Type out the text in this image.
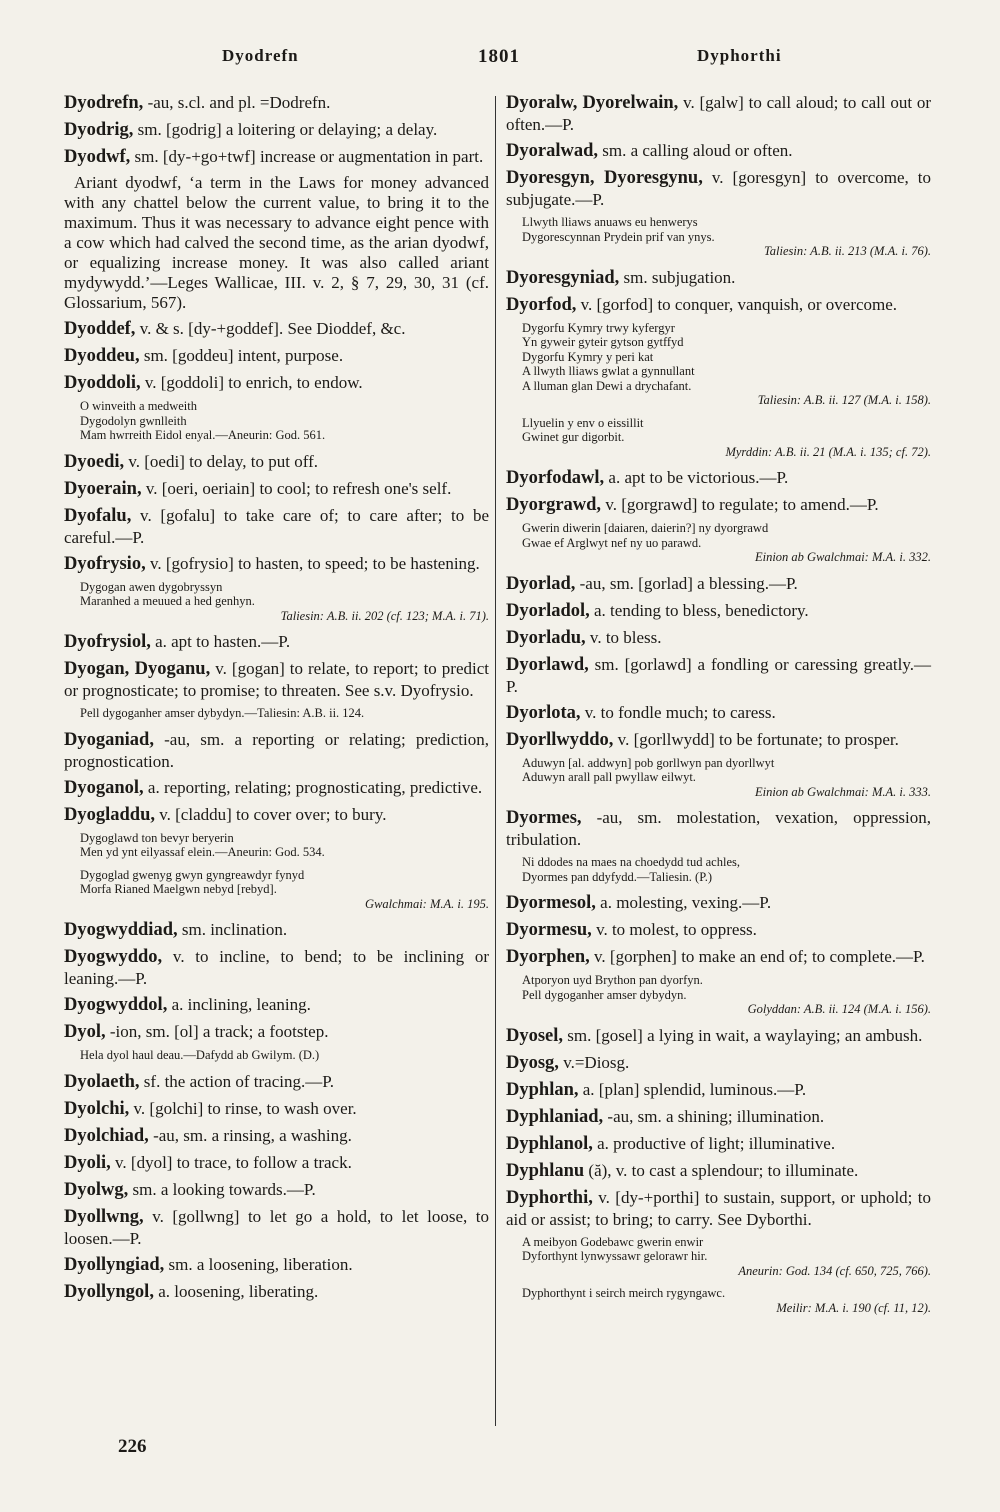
Dyodrefn	1801	Dyphorthi
Dyodrefn, -au, s.cl. and pl. =Dodrefn.
Dyodrig, sm. [godrig] a loitering or delaying; a delay.
Dyodwf, sm. [dy-+go+twf] increase or augmentation in part.
Ariant dyodwf, ‘a term in the Laws for money advanced with any chattel below the current value, to bring it to the maximum. Thus it was necessary to advance eight pence with a cow which had calved the second time, as the arian dyodwf, or equalizing increase money. It was also called ariant mydywydd.’—Leges Wallicae, III. v. 2, § 7, 29, 30, 31 (cf. Glossarium, 567).
Dyoddef, v. & s. [dy-+goddef]. See Dioddef, &c.
Dyoddeu, sm. [goddeu] intent, purpose.
Dyoddoli, v. [goddoli] to enrich, to endow.
O winveith a medweith
Dygodolyn gwnlleith
Mam hwrreith Eidol enyal.—Aneurin: God. 561.
Dyoedi, v. [oedi] to delay, to put off.
Dyoerain, v. [oeri, oeriain] to cool; to refresh one's self.
Dyofalu, v. [gofalu] to take care of; to care after; to be careful.—P.
Dyofrysio, v. [gofrysio] to hasten, to speed; to be hastening.
Dygogan awen dygobryssyn
Maranhed a meuued a hed genhyn.
Taliesin: A.B. ii. 202 (cf. 123; M.A. i. 71).
Dyofrysiol, a. apt to hasten.—P.
Dyogan, Dyoganu, v. [gogan] to relate, to report; to predict or prognosticate; to promise; to threaten. See s.v. Dyofrysio.
Pell dygoganher amser dybydyn.—Taliesin: A.B. ii. 124.
Dyoganiad, -au, sm. a reporting or relating; prediction, prognostication.
Dyoganol, a. reporting, relating; prognosticating, predictive.
Dyogladdu, v. [claddu] to cover over; to bury.
Dygoglawd ton bevyr beryerin
Men yd ynt eilyassaf elein.—Aneurin: God. 534.
Dygoglad gwenyg gwyn gyngreawdyr fynyd
Morfa Rianed Maelgwn nebyd [rebyd].
Gwalchmai: M.A. i. 195.
Dyogwyddiad, sm. inclination.
Dyogwyddo, v. to incline, to bend; to be inclining or leaning.—P.
Dyogwyddol, a. inclining, leaning.
Dyol, -ion, sm. [ol] a track; a footstep.
Hela dyol haul deau.—Dafydd ab Gwilym. (D.)
Dyolaeth, sf. the action of tracing.—P.
Dyolchi, v. [golchi] to rinse, to wash over.
Dyolchiad, -au, sm. a rinsing, a washing.
Dyoli, v. [dyol] to trace, to follow a track.
Dyolwg, sm. a looking towards.—P.
Dyollwng, v. [gollwng] to let go a hold, to let loose, to loosen.—P.
Dyollyngiad, sm. a loosening, liberation.
Dyollyngol, a. loosening, liberating.
Dyoralw, Dyorelwain, v. [galw] to call aloud; to call out or often.—P.
Dyoralwad, sm. a calling aloud or often.
Dyoresgyn, Dyoresgynu, v. [goresgyn] to overcome, to subjugate.—P.
Llwyth lliaws anuaws eu henwerys
Dygorescynnan Prydein prif van ynys.
Taliesin: A.B. ii. 213 (M.A. i. 76).
Dyoresgyniad, sm. subjugation.
Dyorfod, v. [gorfod] to conquer, vanquish, or overcome.
Dygorfu Kymry trwy kyfergyr
Yn gyweir gyteir gytson gytffyd
Dygorfu Kymry y peri kat
A llwyth lliaws gwlat a gynnullant
A lluman glan Dewi a drychafant.
Taliesin: A.B. ii. 127 (M.A. i. 158).
Llyuelin y env o eissillit
Gwinet gur digorbit.
Myrddin: A.B. ii. 21 (M.A. i. 135; cf. 72).
Dyorfodawl, a. apt to be victorious.—P.
Dyorgrawd, v. [gorgrawd] to regulate; to amend.—P.
Gwerin diwerin [daiaren, daierin?] ny dyorgrawd
Gwae ef Arglwyt nef ny uo parawd.
Einion ab Gwalchmai: M.A. i. 332.
Dyorlad, -au, sm. [gorlad] a blessing.—P.
Dyorladol, a. tending to bless, benedictory.
Dyorladu, v. to bless.
Dyorlawd, sm. [gorlawd] a fondling or caressing greatly.—P.
Dyorlota, v. to fondle much; to caress.
Dyorllwyddo, v. [gorllwydd] to be fortunate; to prosper.
Aduwyn [al. addwyn] pob gorllwyn pan dyorllwyt
Aduwyn arall pall pwyllaw eilwyt.
Einion ab Gwalchmai: M.A. i. 333.
Dyormes, -au, sm. molestation, vexation, oppression, tribulation.
Ni ddodes na maes na choedydd tud achles,
Dyormes pan ddyfydd.—Taliesin. (P.)
Dyormesol, a. molesting, vexing.—P.
Dyormesu, v. to molest, to oppress.
Dyorphen, v. [gorphen] to make an end of; to complete.—P.
Atporyon uyd Brython pan dyorfyn.
Pell dygoganher amser dybydyn.
Golyddan: A.B. ii. 124 (M.A. i. 156).
Dyosel, sm. [gosel] a lying in wait, a waylaying; an ambush.
Dyosg, v.=Diosg.
Dyphlan, a. [plan] splendid, luminous.—P.
Dyphlaniad, -au, sm. a shining; illumination.
Dyphlanol, a. productive of light; illuminative.
Dyphlanu (ă), v. to cast a splendour; to illuminate.
Dyphorthi, v. [dy-+porthi] to sustain, support, or uphold; to aid or assist; to bring; to carry. See Dyborthi.
A meibyon Godebawc gwerin enwir
Dyforthynt lynwyssawr gelorawr hir.
Aneurin: God. 134 (cf. 650, 725, 766).
Dyphorthynt i seirch meirch rygyngawc.
Meilir: M.A. i. 190 (cf. 11, 12).
226
